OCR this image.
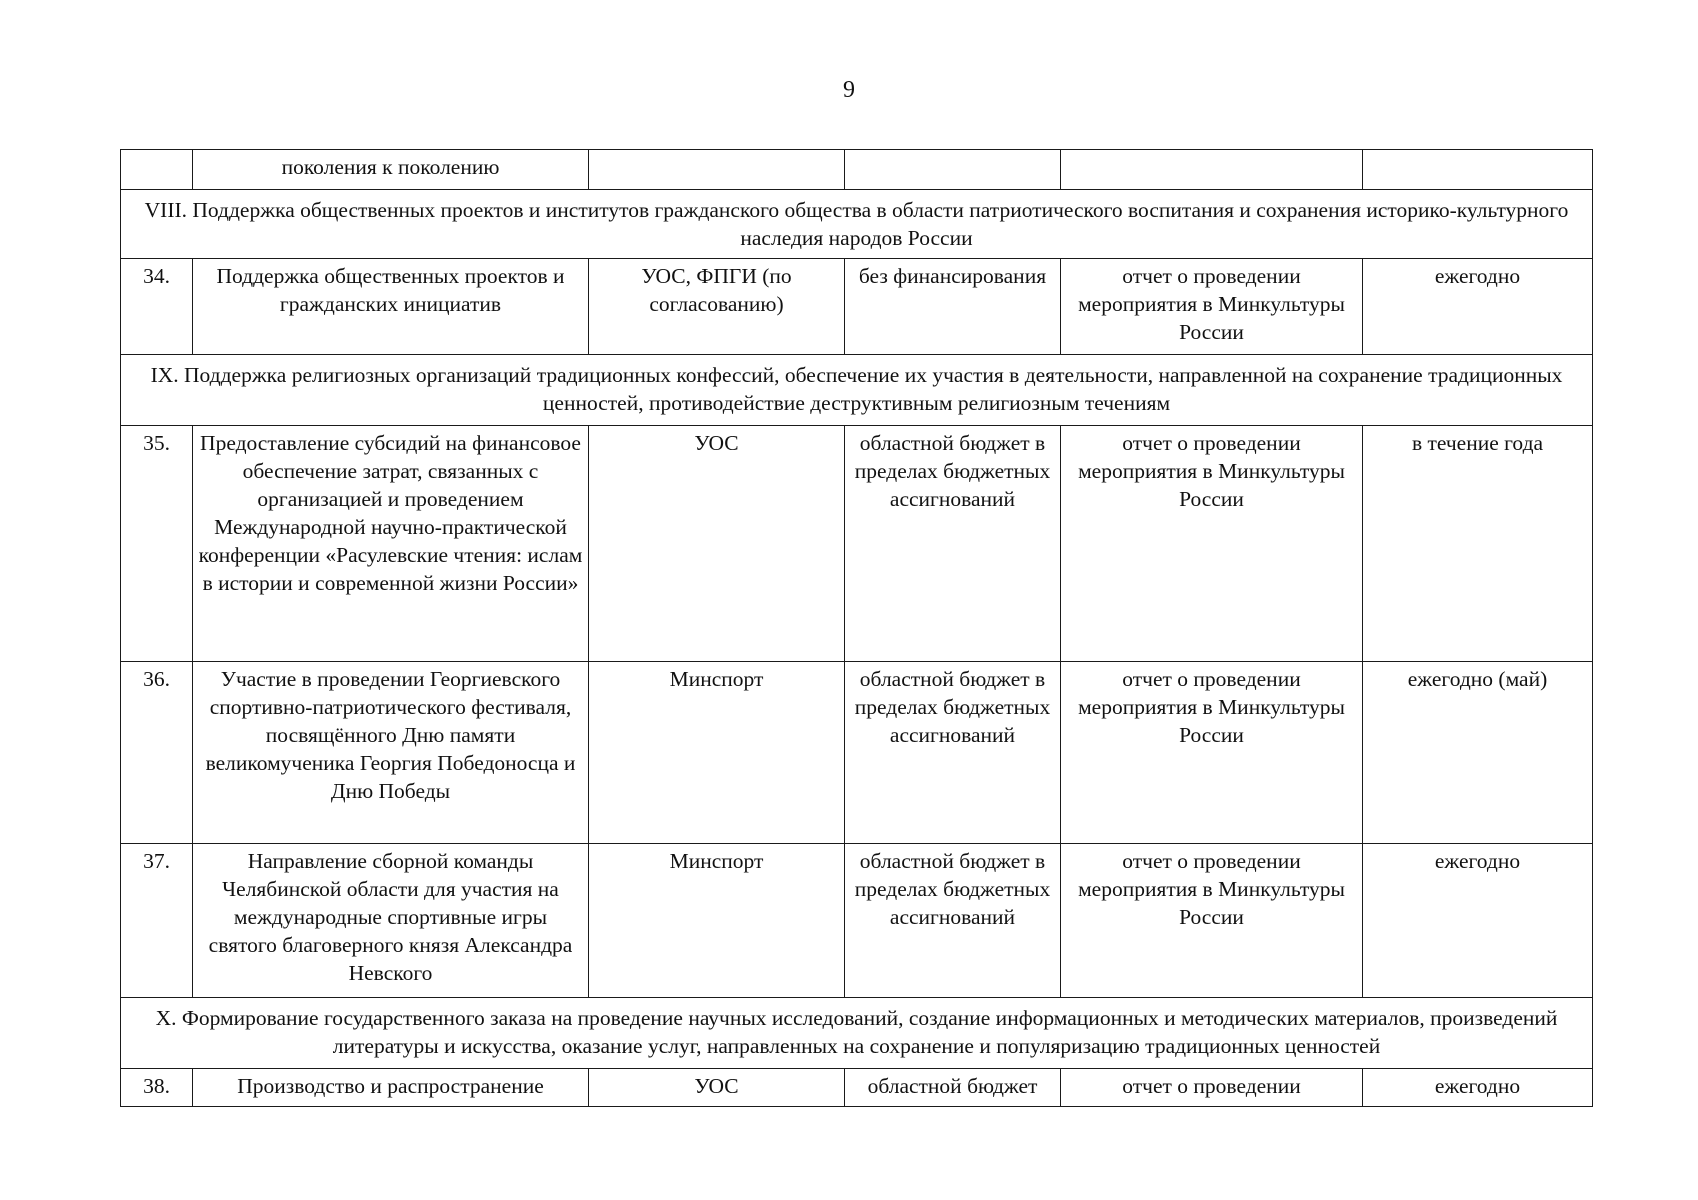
9
	поколения к поколению				
VIII. Поддержка общественных проектов и институтов гражданского общества в области патриотического воспитания и сохранения историко-культурного наследия народов России					
34.	Поддержка общественных проектов и гражданских инициатив	УОС, ФПГИ (по согласованию)	без финансирования	отчет о проведении мероприятия в Минкультуры России	ежегодно
IX. Поддержка религиозных организаций традиционных конфессий, обеспечение их участия в деятельности, направленной на сохранение традиционных ценностей, противодействие деструктивным религиозным течениям					
35.	Предоставление субсидий на финансовое обеспечение затрат, связанных с организацией и проведением Международной научно-практической конференции «Расулевские чтения: ислам в истории и современной жизни России»	УОС	областной бюджет в пределах бюджетных ассигнований	отчет о проведении мероприятия в Минкультуры России	в течение года
36.	Участие в проведении Георгиевского спортивно-патриотического фестиваля, посвящённого Дню памяти великомученика Георгия Победоносца и Дню Победы	Минспорт	областной бюджет в пределах бюджетных ассигнований	отчет о проведении мероприятия в Минкультуры России	ежегодно (май)
37.	Направление сборной команды Челябинской области для участия на международные спортивные игры святого благоверного князя Александра Невского	Минспорт	областной бюджет в пределах бюджетных ассигнований	отчет о проведении мероприятия в Минкультуры России	ежегодно
X. Формирование государственного заказа на проведение научных исследований, создание информационных и методических материалов, произведений литературы и искусства, оказание услуг, направленных на сохранение и популяризацию традиционных ценностей					
38.	Производство и распространение	УОС	областной бюджет	отчет о проведении	ежегодно
